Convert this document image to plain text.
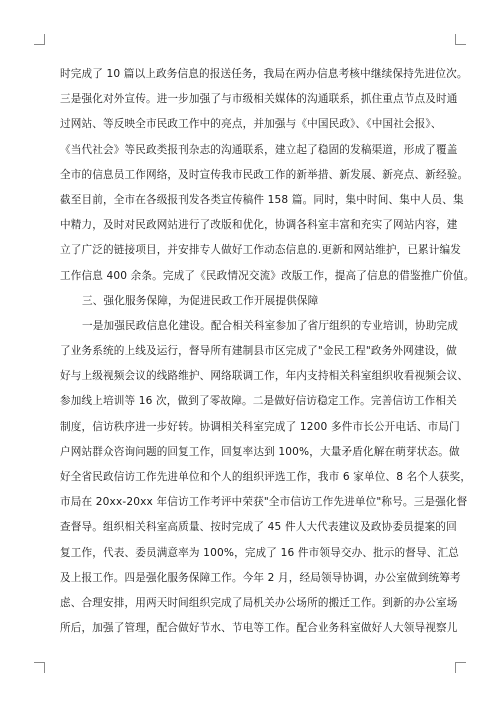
时完成了 10 篇以上政务信息的报送任务，我局在两办信息考核中继续保持先进位次。
三是强化对外宣传。进一步加强了与市级相关媒体的沟通联系，抓住重点节点及时通
过网站、等反映全市民政工作中的亮点，并加强与《中国民政》、《中国社会报》、
《当代社会》等民政类报刊杂志的沟通联系，建立起了稳固的发稿渠道，形成了覆盖
全市的信息员工作网络，及时宣传我市民政工作的新举措、新发展、新亮点、新经验。
截至目前，全市在各级报刊发各类宣传稿件 158 篇。同时，集中时间、集中人员、集
中精力，及时对民政网站进行了改版和优化，协调各科室丰富和充实了网站内容，建
立了广泛的链接项目，并安排专人做好工作动态信息的.更新和网站维护，已累计编发
工作信息 400 余条。完成了《民政情况交流》改版工作，提高了信息的借鉴推广价值。
三、强化服务保障，为促进民政工作开展提供保障
一是加强民政信息化建设。配合相关科室参加了省厅组织的专业培训，协助完成
了业务系统的上线及运行，督导所有建制县市区完成了"金民工程"政务外网建设，做
好与上级视频会议的线路维护、网络联调工作，年内支持相关科室组织收看视频会议、
参加线上培训等 16 次，做到了零故障。二是做好信访稳定工作。完善信访工作相关
制度，信访秩序进一步好转。协调相关科室完成了 1200 多件市长公开电话、市局门
户网站群众咨询问题的回复工作，回复率达到 100%，大量矛盾化解在萌芽状态。做
好全省民政信访工作先进单位和个人的组织评选工作，我市 6 家单位、8 名个人获奖，
市局在 20xx-20xx 年信访工作考评中荣获"全市信访工作先进单位"称号。三是强化督
查督导。组织相关科室高质量、按时完成了 45 件人大代表建议及政协委员提案的回
复工作，代表、委员满意率为 100%，完成了 16 件市领导交办、批示的督导、汇总
及上报工作。四是强化服务保障工作。今年 2 月，经局领导协调，办公室做到统筹考
虑、合理安排，用两天时间组织完成了局机关办公场所的搬迁工作。到新的办公室场
所后，加强了管理，配合做好节水、节电等工作。配合业务科室做好人大领导视察儿
